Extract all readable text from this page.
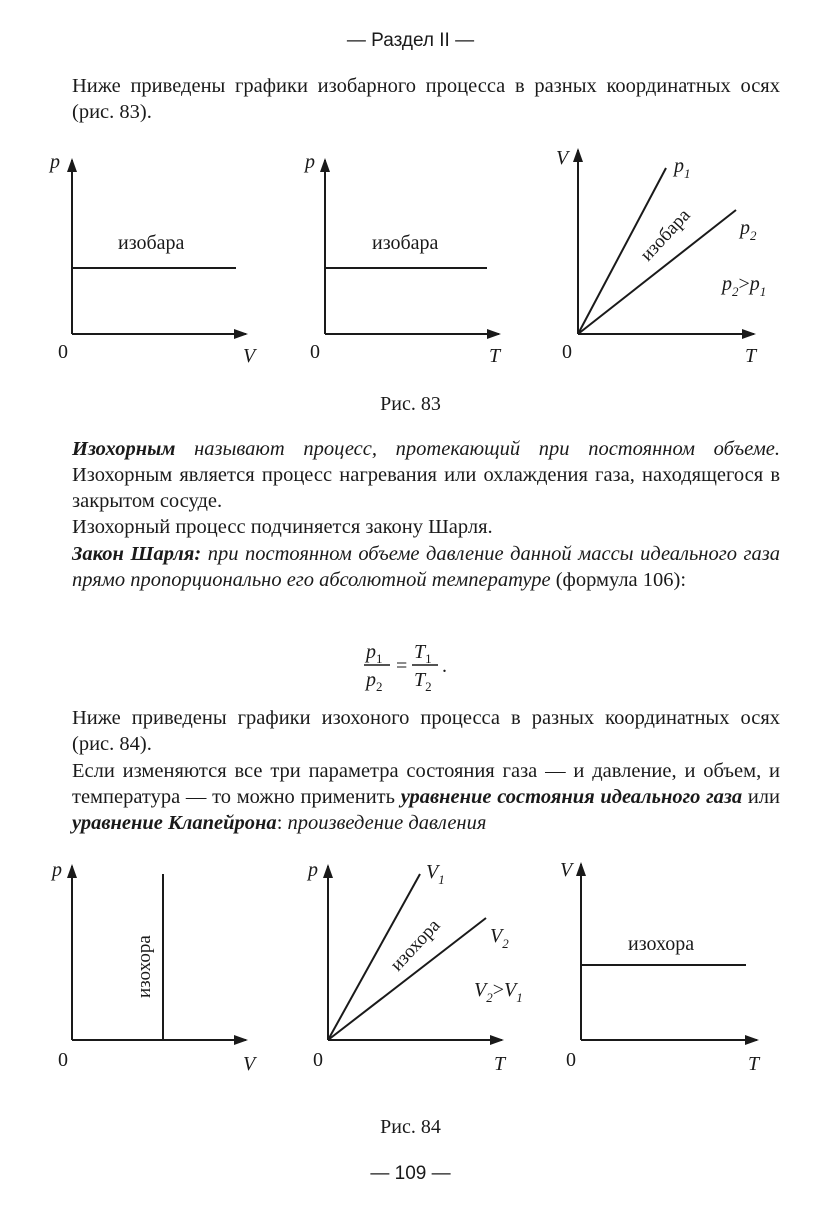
— Раздел II —

Ниже приведены графики изобарного процесса в разных координатных осях (рис. 83).

p
V
0
изобара
p
T
0
изобара
V
T
0
изобара
$p_1$
$p_2$
$p_2>p_1$
Рис. 83

Изохорным называют процесс, протекающий при постоянном объеме. Изохорным является процесс нагревания или охлаждения газа, находящегося в закрытом сосуде.

Изохорный процесс подчиняется закону Шарля.

Закон Шарля: при постоянном объеме давление данной массы идеального газа прямо пропорционально его абсолютной температуре (формула 106):

$p_1$
$p_2$
=
$T_1$
$T_2$
.

Ниже приведены графики изохоного процесса в разных координатных осях (рис. 84).

Если изменяются все три параметра состояния газа — и давление, и объем, и температура — то можно применить уравнение состояния идеального газа или уравнение Клапейрона: произведение давления

p
V
0
изохора
p
T
0
изохора
$V_1$
$V_2$
$V_2>V_1$
V
T
0
изохора
Рис. 84
— 109 —
